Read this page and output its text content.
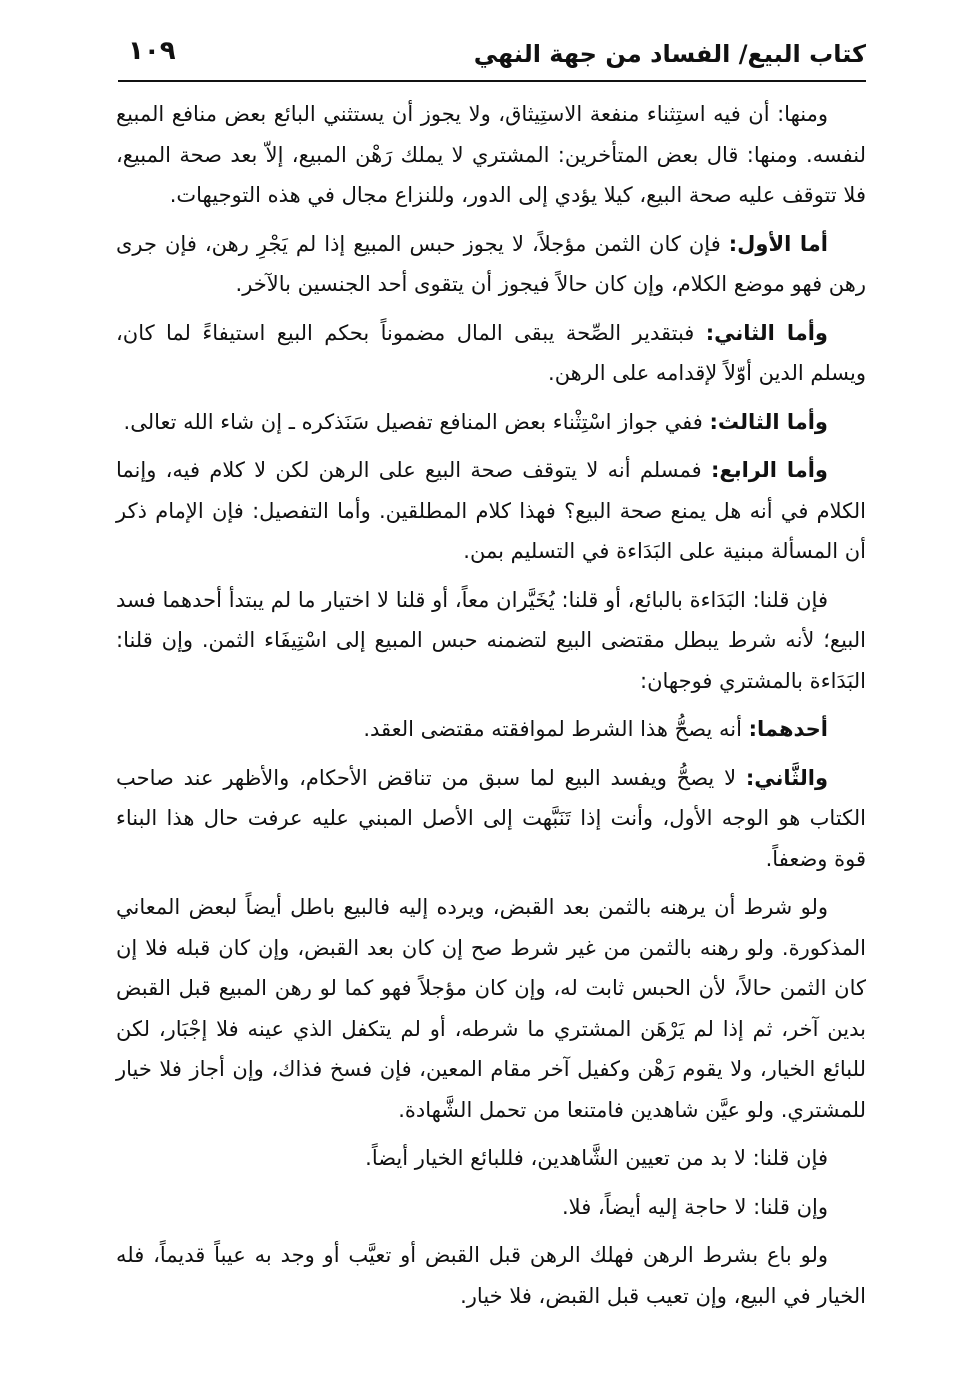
كتاب البيع/ الفساد من جهة النهي
١٠٩

ومنها: أن فيه استِثناء منفعة الاستِيثاق، ولا يجوز أن يستثني البائع بعض منافع المبيع لنفسه. ومنها: قال بعض المتأخرين: المشتري لا يملك رَهْن المبيع، إلاّ بعد صحة المبيع، فلا تتوقف عليه صحة البيع، كيلا يؤدي إلى الدور، وللنزاع مجال في هذه التوجيهات.

أما الأول: فإن كان الثمن مؤجلاً، لا يجوز حبس المبيع إذا لم يَجْرِ رهن، فإن جرى رهن فهو موضع الكلام، وإن كان حالاً فيجوز أن يتقوى أحد الجنسين بالآخر.

وأما الثاني: فبتقدير الصِّحة يبقى المال مضموناً بحكم البيع استيفاءً لما كان، ويسلم الدين أوّلاً لإقدامه على الرهن.

وأما الثالث: ففي جواز اسْتِثْناء بعض المنافع تفصيل سَنَذكره ـ إن شاء الله تعالى.

وأما الرابع: فمسلم أنه لا يتوقف صحة البيع على الرهن لكن لا كلام فيه، وإنما الكلام في أنه هل يمنع صحة البيع؟ فهذا كلام المطلقين. وأما التفصيل: فإن الإمام ذكر أن المسألة مبنية على البَدَاءة في التسليم بمن.

فإن قلنا: البَدَاءة بالبائع، أو قلنا: يُخَيَّران معاً، أو قلنا لا اختيار ما لم يبتدأ أحدهما فسد البيع؛ لأنه شرط يبطل مقتضى البيع لتضمنه حبس المبيع إلى اسْتِيفَاء الثمن. وإن قلنا: البَدَاءة بالمشتري فوجهان:

أحدهما: أنه يصحُّ هذا الشرط لموافقته مقتضى العقد.

والثَّاني: لا يصحُّ ويفسد البيع لما سبق من تناقض الأحكام، والأظهر عند صاحب الكتاب هو الوجه الأول، وأنت إذا تَنَبَّهت إلى الأصل المبني عليه عرفت حال هذا البناء قوة وضعفاً.

ولو شرط أن يرهنه بالثمن بعد القبض، ويرده إليه فالبيع باطل أيضاً لبعض المعاني المذكورة. ولو رهنه بالثمن من غير شرط صح إن كان بعد القبض، وإن كان قبله فلا إن كان الثمن حالاً، لأن الحبس ثابت له، وإن كان مؤجلاً فهو كما لو رهن المبيع قبل القبض بدين آخر، ثم إذا لم يَرْهَن المشتري ما شرطه، أو لم يتكفل الذي عينه فلا إجْبَار، لكن للبائع الخيار، ولا يقوم رَهْن وكفيل آخر مقام المعين، فإن فسخ فذاك، وإن أجاز فلا خيار للمشتري. ولو عيَّن شاهدين فامتنعا من تحمل الشَّهادة.

فإن قلنا: لا بد من تعيين الشَّاهدين، فللبائع الخيار أيضاً.

وإن قلنا: لا حاجة إليه أيضاً، فلا.

ولو باع بشرط الرهن فهلك الرهن قبل القبض أو تعيَّب أو وجد به عيباً قديماً، فله الخيار في البيع، وإن تعيب قبل القبض، فلا خيار.
